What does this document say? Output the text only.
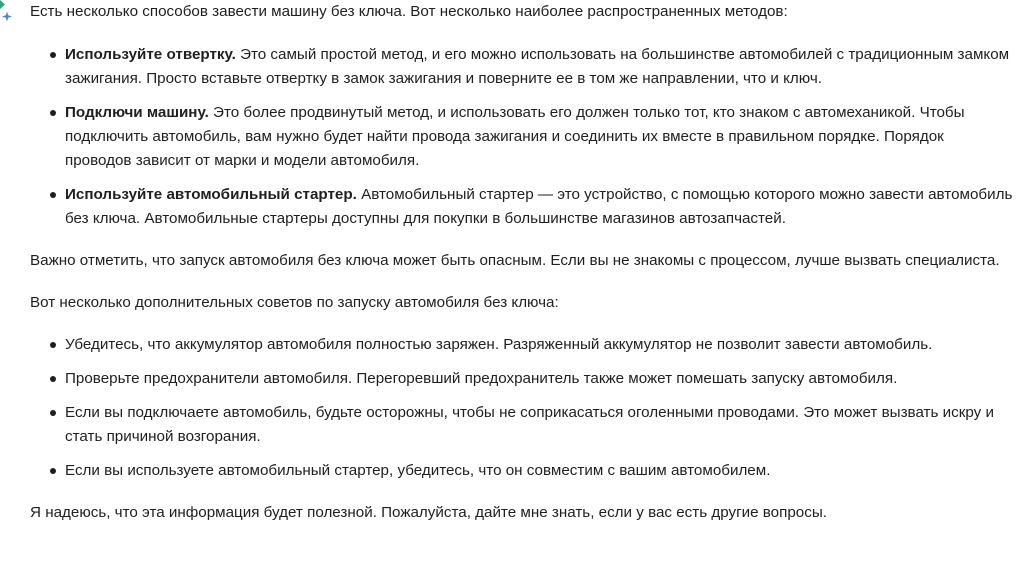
Есть несколько способов завести машину без ключа. Вот несколько наиболее распространенных методов:

Используйте отвертку. Это самый простой метод, и его можно использовать на большинстве автомобилей с традиционным замком зажигания. Просто вставьте отвертку в замок зажигания и поверните ее в том же направлении, что и ключ.
Подключи машину. Это более продвинутый метод, и использовать его должен только тот, кто знаком с автомеханикой. Чтобы подключить автомобиль, вам нужно будет найти провода зажигания и соединить их вместе в правильном порядке. Порядок проводов зависит от марки и модели автомобиля.
Используйте автомобильный стартер. Автомобильный стартер — это устройство, с помощью которого можно завести автомобиль без ключа. Автомобильные стартеры доступны для покупки в большинстве магазинов автозапчастей.

Важно отметить, что запуск автомобиля без ключа может быть опасным. Если вы не знакомы с процессом, лучше вызвать специалиста.

Вот несколько дополнительных советов по запуску автомобиля без ключа:

Убедитесь, что аккумулятор автомобиля полностью заряжен. Разряженный аккумулятор не позволит завести автомобиль.
Проверьте предохранители автомобиля. Перегоревший предохранитель также может помешать запуску автомобиля.
Если вы подключаете автомобиль, будьте осторожны, чтобы не соприкасаться оголенными проводами. Это может вызвать искру и стать причиной возгорания.
Если вы используете автомобильный стартер, убедитесь, что он совместим с вашим автомобилем.

Я надеюсь, что эта информация будет полезной. Пожалуйста, дайте мне знать, если у вас есть другие вопросы.
